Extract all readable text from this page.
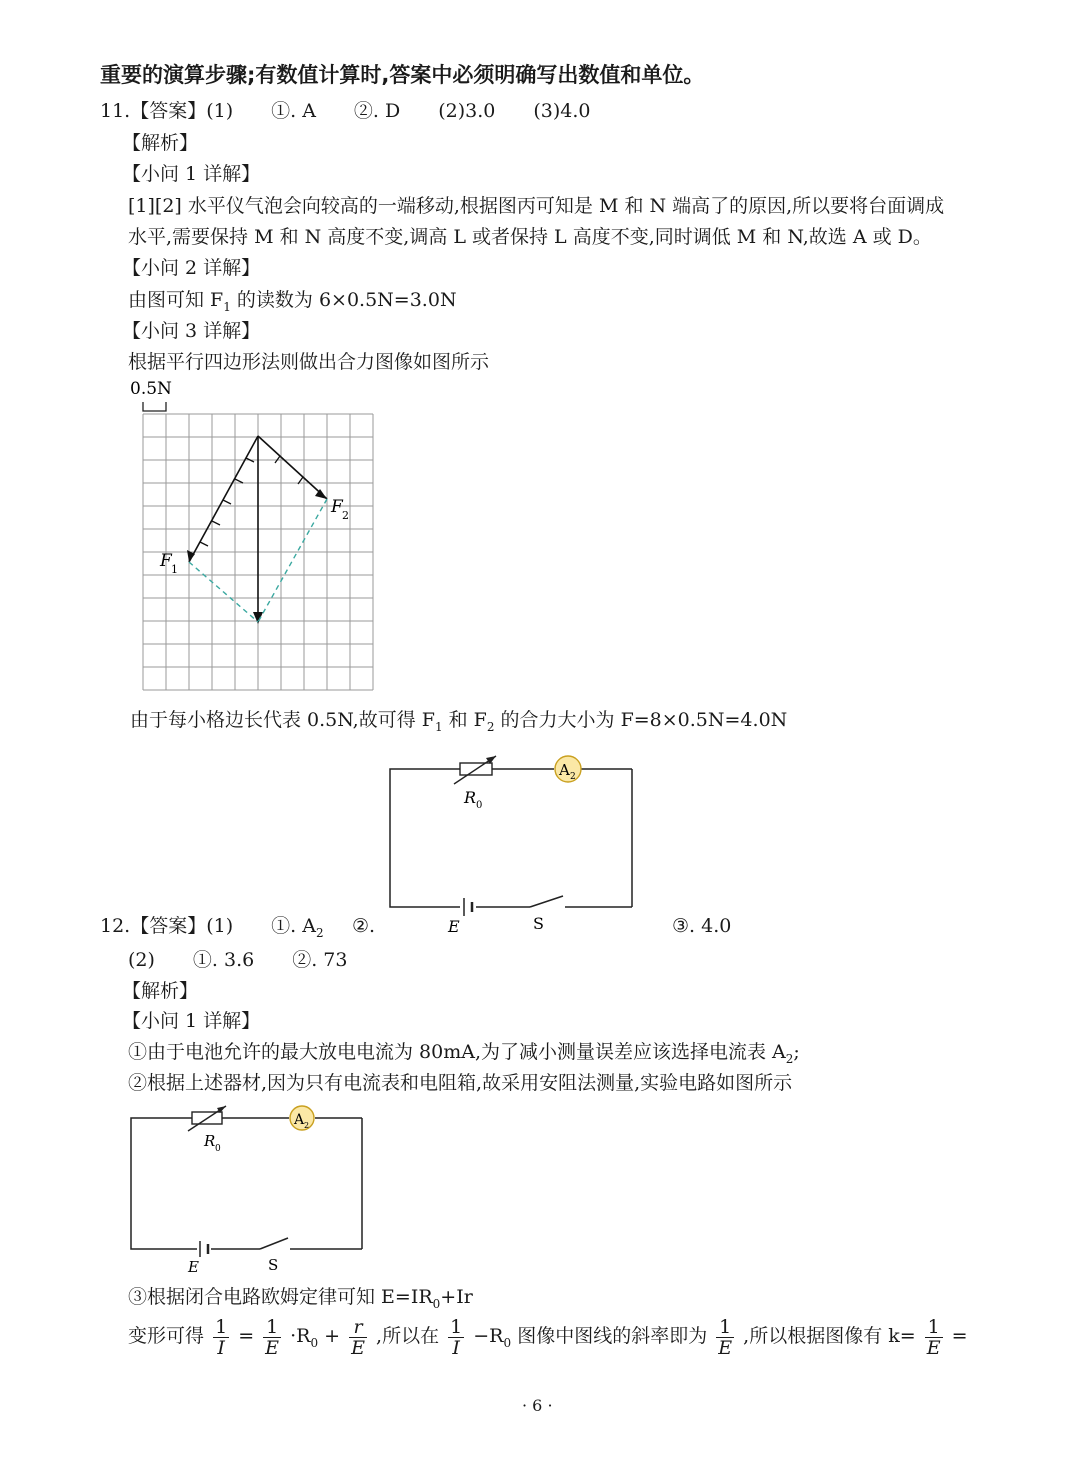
重要的演算步骤;有数值计算时,答案中必须明确写出数值和单位。
11.【答案】(1)　　①. A　　②. D　　(2)3.0　　(3)4.0
【解析】
【小问 1 详解】
[1][2] 水平仪气泡会向较高的一端移动,根据图丙可知是 M 和 N 端高了的原因,所以要将台面调成
水平,需要保持 M 和 N 高度不变,调高 L 或者保持 L 高度不变,同时调低 M 和 N,故选 A 或 D。
【小问 2 详解】
由图可知 $F_1$ 的读数为 6×0.5N=3.0N
【小问 3 详解】
根据平行四边形法则做出合力图像如图所示
0.5N
F 1
F 2
由于每小格边长代表 0.5N,故可得 $F_1$ 和 $F_2$ 的合力大小为 F=8×0.5N=4.0N
R 0
A 2
E	S
12.【答案】(1)　　①. $A_2$ ②.	③. 4.0
(2)　　①. 3.6　　②. 73
【解析】
【小问 1 详解】
①由于电池允许的最大放电电流为 80mA,为了减小测量误差应该选择电流表 $A_2$;
②根据上述器材,因为只有电流表和电阻箱,故采用安阻法测量,实验电路如图所示
R 0
A 2
E	S
③根据闭合电路欧姆定律可知 $E=IR_0+Ir$
变形可得 $\frac{1}{I} = \frac{1}{E} \cdot R_0 + \frac{r}{E}$ ,所以在 $\frac{1}{I} -R_0$ 图像中图线的斜率即为 $\frac{1}{E}$ ,所以根据图像有 $k= \frac{1}{E}$ =
· 6 ·
